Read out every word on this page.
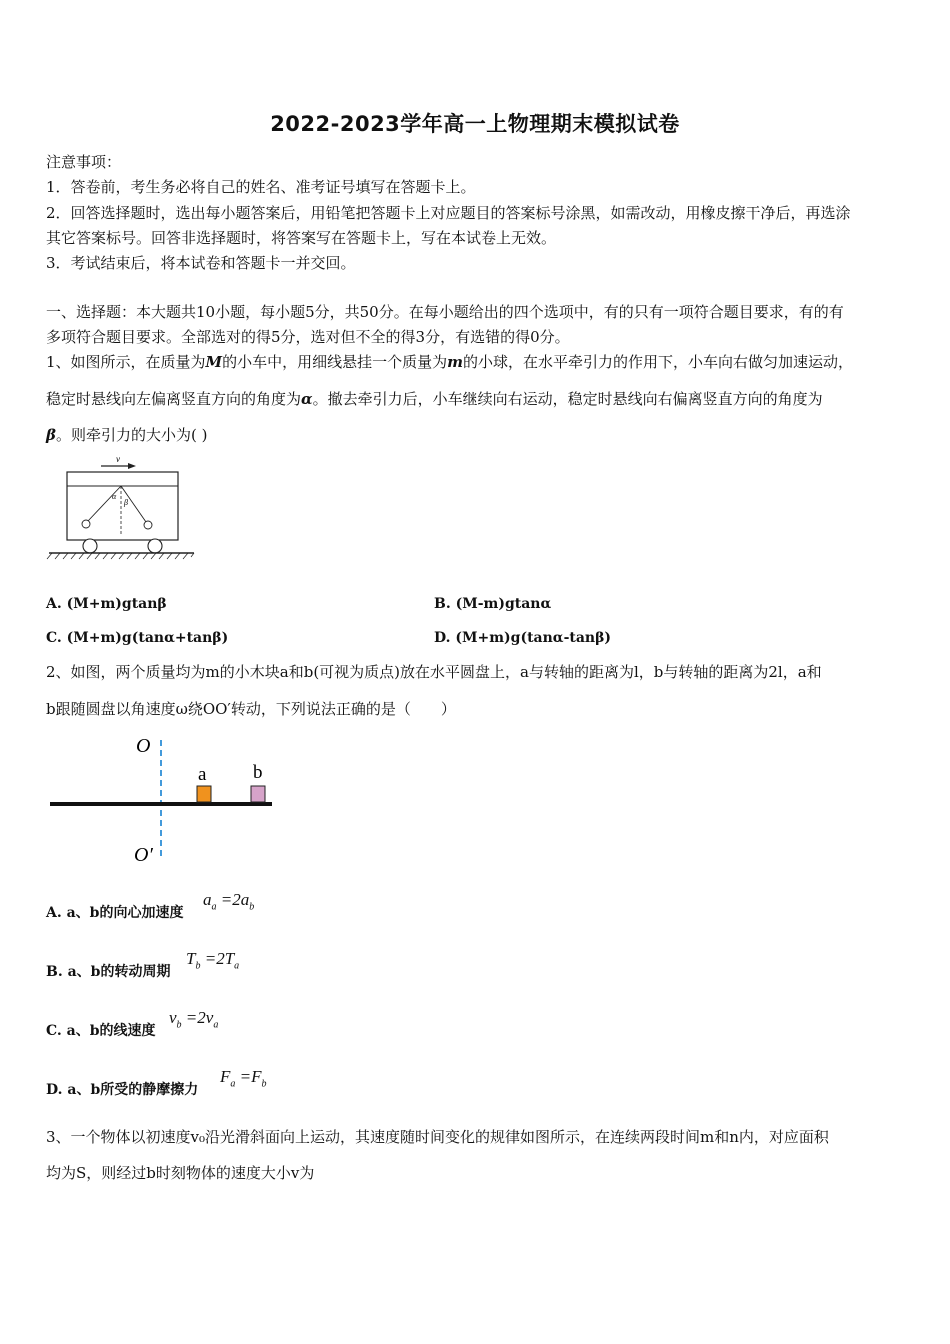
2022-2023学年高一上物理期末模拟试卷
注意事项：
1．答卷前，考生务必将自己的姓名、准考证号填写在答题卡上。
2．回答选择题时，选出每小题答案后，用铅笔把答题卡上对应题目的答案标号涂黑，如需改动，用橡皮擦干净后，再选涂
其它答案标号。回答非选择题时，将答案写在答题卡上，写在本试卷上无效。
3．考试结束后，将本试卷和答题卡一并交回。
一、选择题：本大题共10小题，每小题5分，共50分。在每小题给出的四个选项中，有的只有一项符合题目要求，有的有
多项符合题目要求。全部选对的得5分，选对但不全的得3分，有选错的得0分。
1、如图所示，在质量为M的小车中，用细线悬挂一个质量为m的小球，在水平牵引力的作用下，小车向右做匀加速运动，
稳定时悬线向左偏离竖直方向的角度为α。撤去牵引力后，小车继续向右运动，稳定时悬线向右偏离竖直方向的角度为
β。则牵引力的大小为( )
v
α
β
A. (M+m)gtanβ	B. (M-m)gtanα
C. (M+m)g(tanα+tanβ)	D. (M+m)g(tanα-tanβ)
2、如图，两个质量均为m的小木块a和b(可视为质点)放在水平圆盘上，a与转轴的距离为l，b与转轴的距离为2l，a和
b跟随圆盘以角速度ω绕OO′转动，下列说法正确的是（　　）
O
a b
O′
A. a、b的向心加速度
$a_a =2a_b$
B. a、b的转动周期
$T_b =2T_a$
C. a、b的线速度
$v_b =2v_a$
D. a、b所受的静摩擦力
$F_a =F_b$
3、一个物体以初速度v₀沿光滑斜面向上运动，其速度随时间变化的规律如图所示，在连续两段时间m和n内，对应面积
均为S，则经过b时刻物体的速度大小v为
